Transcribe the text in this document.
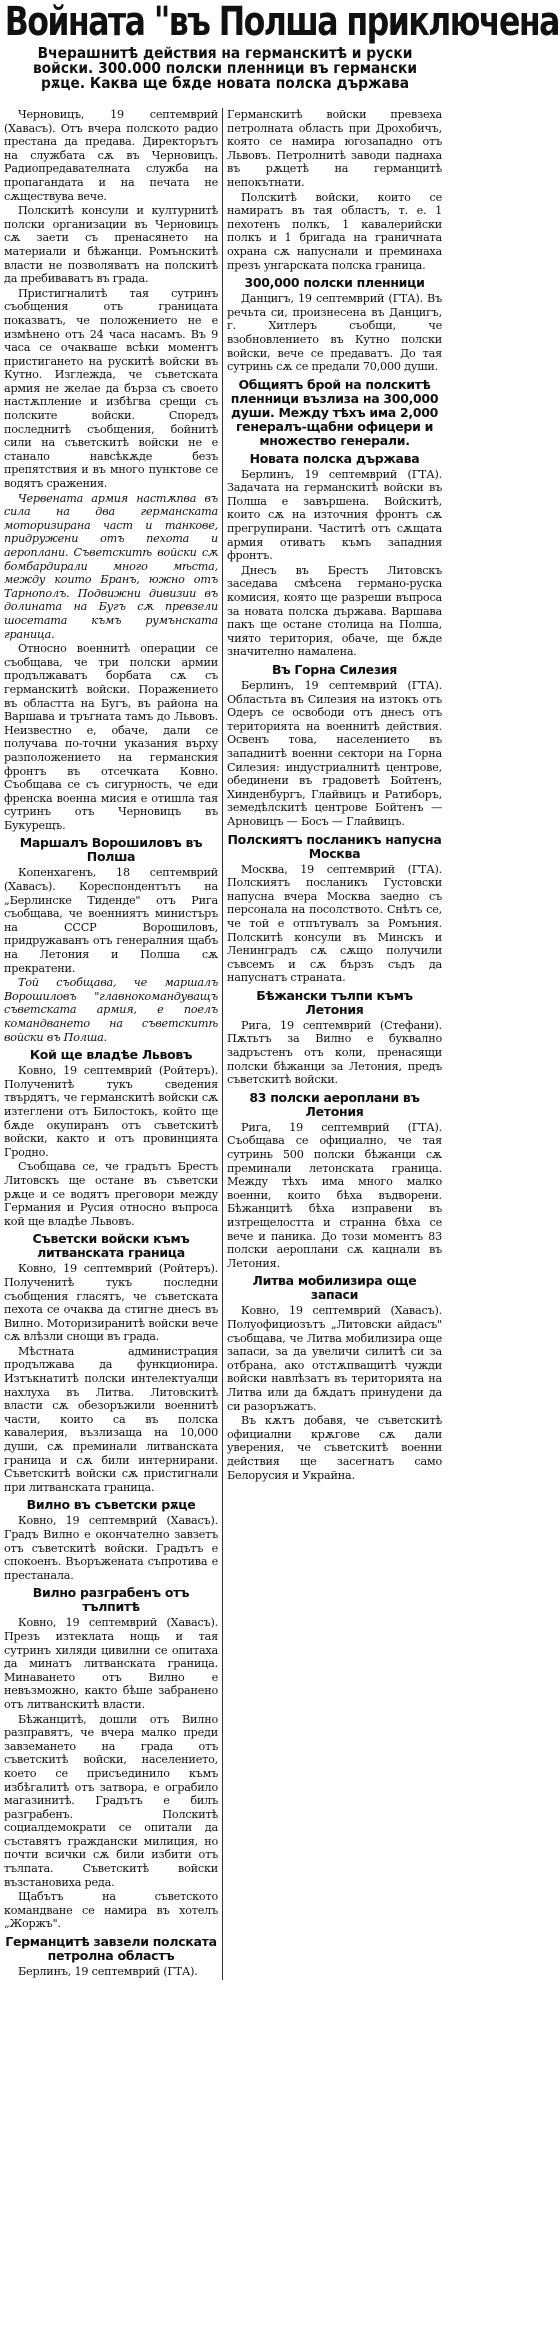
Войната "въ Полша приключена
Вчерашнитѣ действия на германскитѣ и руски войски. 300.000 полски пленници въ германски рѫце. Каква ще бѫде новата полска държава
Черновицъ, 19 септемврий (Хавасъ). Отъ вчера полското радио престана да предава. Директорътъ на службата сѫ въ Черновицъ. Радиопредавателната служба на пропагандата и на печата не сѫществува вече.
Полскитѣ консули и културнитѣ полски организации въ Черновицъ сѫ заети съ пренасянето на материали и бѣжанци. Ромънскитѣ власти не позволяватъ на полскитѣ да пребиваватъ въ града.
Пристигналитѣ тая сутринъ съобщения отъ границата показватъ, че положението не е измѣнено отъ 24 часа насамъ. Въ 9 часа се очакваше всѣки моментъ пристигането на рускитѣ войски въ Кутно. Изглежда, че съветската армия не желае да бърза съ своето настѫпление и избѣгва срещи съ полските войски. Споредъ последнитѣ съобщения, бойнитѣ сили на съветскитѣ войски не е станало навсѣкѫде безъ препятствия и въ много пунктове се водятъ сражения.
Червената армия настѫпва въ сила на два германската моторизирана част и танкове, придружени отъ пехота и аероплани. Съветскитѣ войски сѫ бомбардирали много мѣста, между които Бранъ, южно отъ Тарнополъ. Подвижни дивизии въ долината на Бугъ сѫ превзели шосетата къмъ румънската граница.
Относно военнитѣ операции се съобщава, че три полски армии продължаватъ борбата сѫ съ германскитѣ войски. Поражението въ областта на Бугъ, въ района на Варшава и тръгната тамъ до Львовъ. Неизвестно е, обаче, дали се получава по-точни указания върху разположението на германския фронтъ въ отсечката Ковно. Съобщава се съ сигурность, че еди френска военна мисия е отишла тая сутринъ отъ Черновицъ въ Букурещъ.
Маршалъ Ворошиловъ въ Полша
Копенхагенъ, 18 септемврий (Хавасъ). Кореспондентътъ на „Берлинске Тиденде" отъ Рига съобщава, че военниятъ министъръ на СССР Ворошиловъ, придружаванъ отъ генералния щабъ на Летония и Полша сѫ прекратени.
Той съобщава, че маршалъ Ворошиловъ "главнокомандуващъ съветската армия, е поелъ командването на съветскитѣ войски въ Полша.
Кой ще владѣе Львовъ
Ковно, 19 септемврий (Ройтеръ). Полученитѣ тукъ сведения твърдятъ, че германскитѣ войски сѫ изтеглени отъ Билостокъ, който ще бѫде окупиранъ отъ съветскитѣ войски, както и отъ провинцията Гродно.
Съобщава се, че градътъ Брестъ Литовскъ ще остане въ съветски рѫце и се водятъ преговори между Германия и Русия относно въпроса кой ще владѣе Львовъ.
Съветски войски къмъ литванската граница
Ковно, 19 септемврий (Ройтеръ). Полученитѣ тукъ последни съобщения гласятъ, че съветската пехота се очаква да стигне днесъ въ Вилно. Моторизиранитѣ войски вече сѫ влѣзли снощи въ града.
Мѣстната администрация продължава да функционира. Изтъкнатитѣ полски интелектуалци нахлуха въ Литва. Литовскитѣ власти сѫ обезоръжили военнитѣ части, които са въ полска кавалерия, възлизаща на 10,000 души, сѫ преминали литванската граница и сѫ били интернирани. Съветскитѣ войски сѫ пристигнали при литванската граница.
Вилно въ съветски рѫце
Ковно, 19 септемврий (Хавасъ). Градъ Вилно е окончателно завзетъ отъ съветскитѣ войски. Градътъ е спокоенъ. Въоръжената съпротива е престанала.
Вилно разграбенъ отъ тълпитѣ
Ковно, 19 септемврий (Хавасъ). Презъ изтеклата нощь и тая сутринъ хиляди цивилни се опитаха да минатъ литванската граница. Минаването отъ Вилно е невъзможно, както бѣше забранено отъ литванскитѣ власти.
Бѣжанцитѣ, дошли отъ Вилно разправятъ, че вчера малко преди завземането на града отъ съветскитѣ войски, населението, което се присъединило къмъ избѣгалитѣ отъ затвора, е ограбило магазинитѣ. Градътъ е билъ разграбенъ. Полскитѣ социалдемократи се опитали да съставятъ граждански милиция, но почти всички сѫ били избити отъ тълпата. Съветскитѣ войски възстановиха реда.
Щабътъ на съветското командване се намира въ хотелъ „Жоржъ".
Германцитѣ завзели полската петролна областъ
Берлинъ, 19 септемврий (ГТА).
Германскитѣ войски превзеха петролната область при Дрохобичъ, която се намира югозападно отъ Львовъ. Петролнитѣ заводи паднаха въ рѫцетѣ на германцитѣ непокътнати.
Полскитѣ войски, които се намиратъ въ тая областъ, т. е. 1 пехотенъ полкъ, 1 кавалерийски полкъ и 1 бригада на граничната охрана сѫ напуснали и преминаха презъ унгарската полска граница.
300,000 полски пленници
Данцигъ, 19 септемврий (ГТА). Въ речьта си, произнесена въ Данцигъ, г. Хитлеръ съобщи, че взобновлението въ Кутно полски войски, вече се предаватъ. До тая сутринь сѫ се предали 70,000 души.
Общиятъ брой на полскитѣ пленници възлиза на 300,000 души. Между тѣхъ има 2,000 генералъ-щабни офицери и множество генерали.
Новата полска държава
Берлинъ, 19 септемврий (ГТА). Задачата на германскитѣ войски въ Полша е завършена. Войскитѣ, които сѫ на източния фронтъ сѫ прегрупирани. Частитѣ отъ сѫщата армия отиватъ къмъ западния фронтъ.
Днесъ въ Брестъ Литовскъ заседава смѣсена германо-руска комисия, която ще разреши въпроса за новата полска държава. Варшава пакъ ще остане столица на Полша, чиято територия, обаче, ще бѫде значително намалена.
Въ Горна Силезия
Берлинъ, 19 септемврий (ГТА). Областьта въ Силезия на изтокъ отъ Одеръ се освободи отъ днесъ отъ територията на военнитѣ действия. Освенъ това, населението въ западнитѣ военни сектори на Горна Силезия: индустриалнитѣ центрове, обединени въ градоветѣ Бойтенъ, Хинденбургъ, Глайвицъ и Ратиборъ, земедѣлскитѣ центрове Бойтенъ — Арновицъ — Босъ — Глайвицъ.
Полскиятъ посланикъ напусна Москва
Москва, 19 септемврий (ГТА). Полскиятъ посланикъ Густовски напусна вчера Москва заедно съ персонала на посолството. Снѣтъ се, че той е отпътувалъ за Ромъния. Полскитѣ консули въ Минскъ и Ленинградъ сѫ сѫщо получили съвсемъ и сѫ бързъ съдъ да напуснатъ страната.
Бѣжански тълпи къмъ Летония
Рига, 19 септемврий (Стефани). Пѫтьтъ за Вилно е буквално задръстенъ отъ коли, пренасящи полски бѣжанци за Летония, предъ съветскитѣ войски.
83 полски аероплани въ Летония
Рига, 19 септемврий (ГТА). Съобщава се официално, че тая сутринь 500 полски бѣжанци сѫ преминали летонската граница. Между тѣхъ има много малко военни, които бѣха въдворени. Бѣжанцитѣ бѣха изправени въ изтрещелостта и странна бѣха се вече и паника. До този моментъ 83 полски аероплани сѫ кацнали въ Летония.
Литва мобилизира още запаси
Ковно, 19 септемврий (Хавасъ). Полуофициозътъ „Литовски айдасъ" съобщава, че Литва мобилизира още запаси, за да увеличи силитѣ си за отбрана, ако отстѫпващитѣ чужди войски навлѣзатъ въ територията на Литва или да бѫдатъ принудени да си разоръжатъ.
Въ кѫтъ добавя, че съветскитѣ официални крѫгове сѫ дали уверения, че съветскитѣ военни действия ще засегнатъ само Белорусия и Украйна.
